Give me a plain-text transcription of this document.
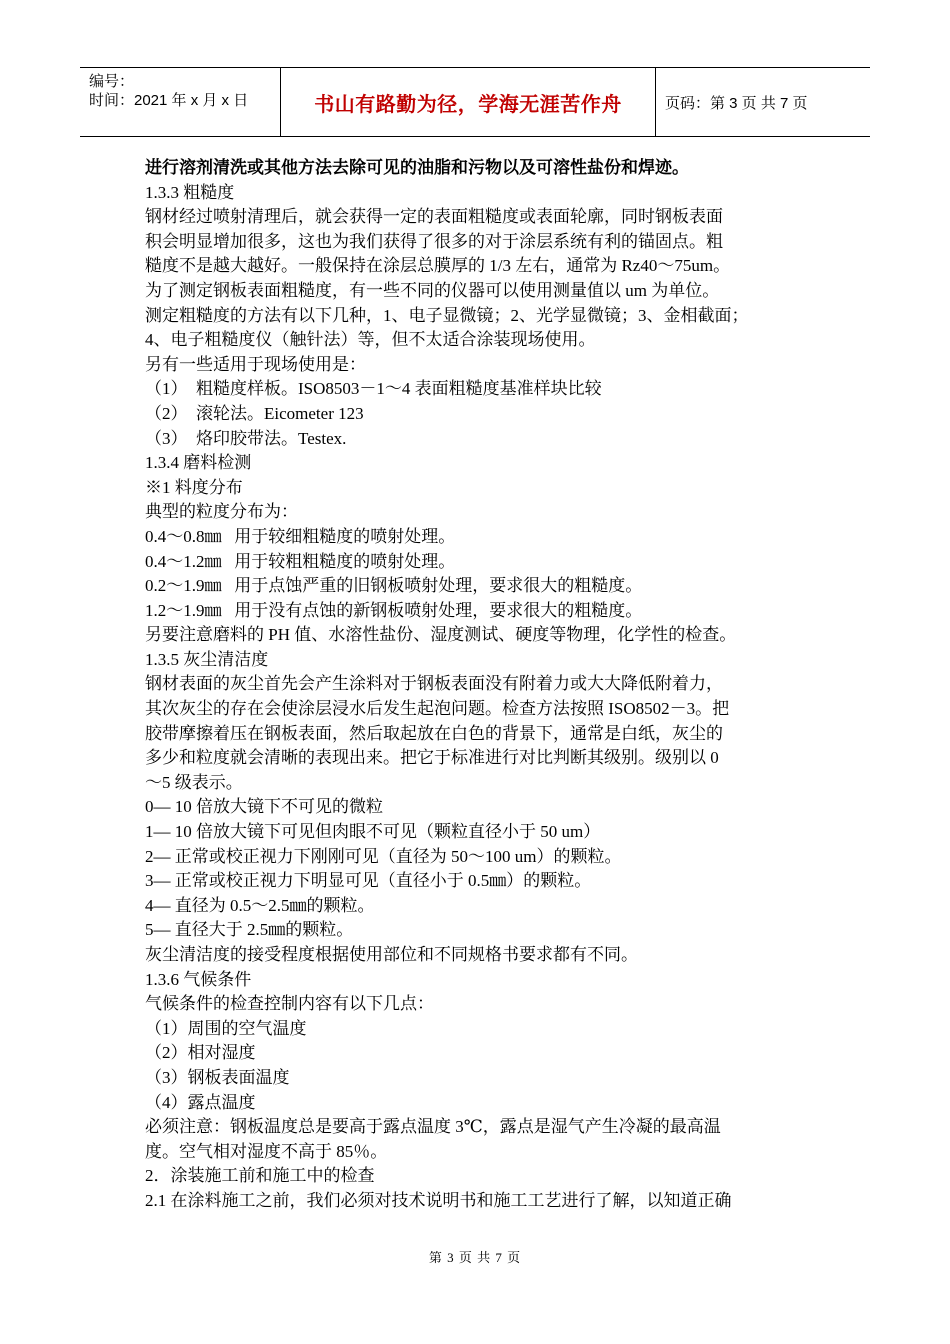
编号：
时间：2021 年 x 月 x 日	书山有路勤为径，学海无涯苦作舟	页码：第 3 页 共 7 页
进行溶剂清洗或其他方法去除可见的油脂和污物以及可溶性盐份和焊迹。
1.3.3 粗糙度
钢材经过喷射清理后，就会获得一定的表面粗糙度或表面轮廓，同时钢板表面
积会明显增加很多，这也为我们获得了很多的对于涂层系统有利的锚固点。粗
糙度不是越大越好。一般保持在涂层总膜厚的 1/3 左右，通常为 Rz40～75um。
为了测定钢板表面粗糙度，有一些不同的仪器可以使用测量值以 um 为单位。
测定粗糙度的方法有以下几种，1、电子显微镜；2、光学显微镜；3、金相截面；
4、电子粗糙度仪（触针法）等，但不太适合涂装现场使用。
另有一些适用于现场使用是：
（1）  粗糙度样板。ISO8503－1～4 表面粗糙度基准样块比较
（2）  滚轮法。Eicometer 123
（3）  烙印胶带法。Testex.
1.3.4 磨料检测
※1 料度分布
典型的粒度分布为：
0.4～0.8㎜   用于较细粗糙度的喷射处理。
0.4～1.2㎜   用于较粗粗糙度的喷射处理。
0.2～1.9㎜   用于点蚀严重的旧钢板喷射处理，要求很大的粗糙度。
1.2～1.9㎜   用于没有点蚀的新钢板喷射处理，要求很大的粗糙度。
另要注意磨料的 PH 值、水溶性盐份、湿度测试、硬度等物理，化学性的检查。
1.3.5 灰尘清洁度
钢材表面的灰尘首先会产生涂料对于钢板表面没有附着力或大大降低附着力，
其次灰尘的存在会使涂层浸水后发生起泡问题。检查方法按照 ISO8502－3。把
胶带摩擦着压在钢板表面，然后取起放在白色的背景下，通常是白纸，灰尘的
多少和粒度就会清晰的表现出来。把它于标准进行对比判断其级别。级别以 0
～5 级表示。
0— 10 倍放大镜下不可见的微粒
1— 10 倍放大镜下可见但肉眼不可见（颗粒直径小于 50 um）
2— 正常或校正视力下刚刚可见（直径为 50～100 um）的颗粒。
3— 正常或校正视力下明显可见（直径小于 0.5㎜）的颗粒。
4— 直径为 0.5～2.5㎜的颗粒。
5— 直径大于 2.5㎜的颗粒。
灰尘清洁度的接受程度根据使用部位和不同规格书要求都有不同。
1.3.6 气候条件
气候条件的检查控制内容有以下几点：
（1）周围的空气温度
（2）相对湿度
（3）钢板表面温度
（4）露点温度
必须注意：钢板温度总是要高于露点温度 3℃，露点是湿气产生冷凝的最高温
度。空气相对湿度不高于 85％。
2．涂装施工前和施工中的检查
2.1 在涂料施工之前，我们必须对技术说明书和施工工艺进行了解，以知道正确
第 3 页 共 7 页
